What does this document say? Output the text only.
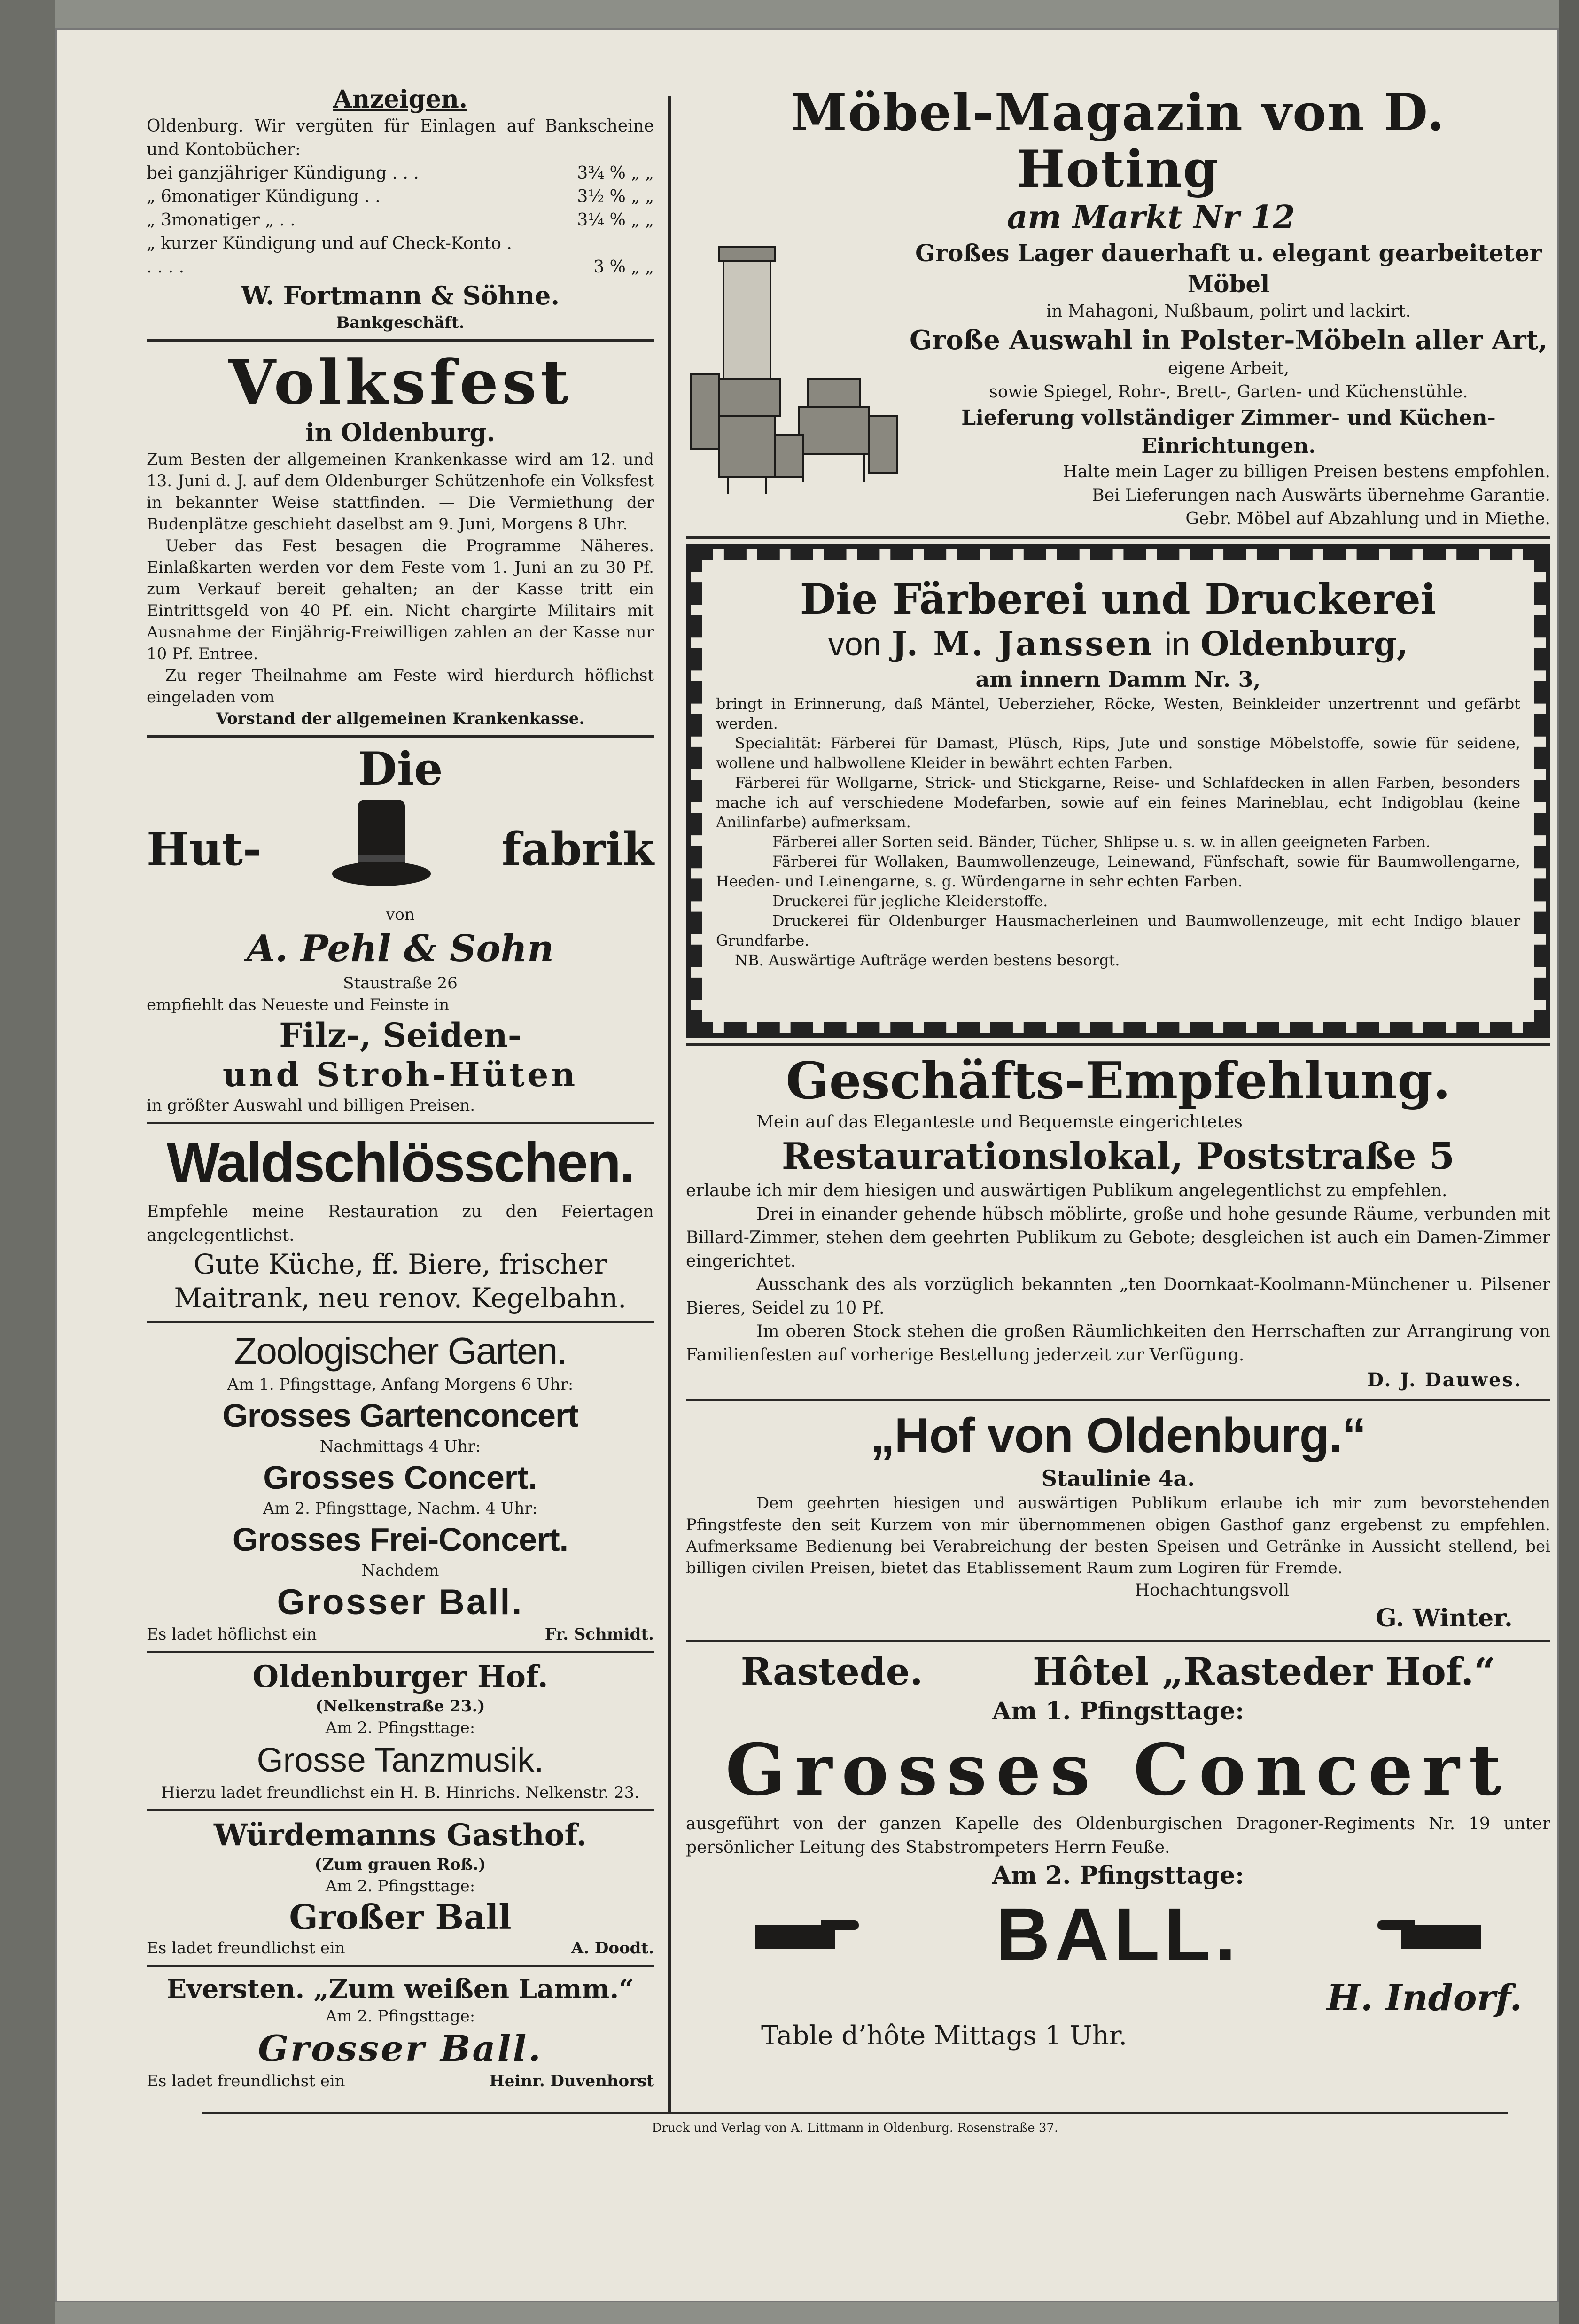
Anzeigen.

Oldenburg. Wir vergüten für Einlagen auf Bankscheine und Kontobücher:

bei ganzjähriger Kündigung . . .	3¾ % „ „
„ 6monatiger Kündigung . .	3½ % „ „
„ 3monatiger „ . .	3¼ % „ „
„ kurzer Kündigung und auf Check-Konto . . . . .	3 % „ „

W. Fortmann & Söhne.

Bankgeschäft.

Volksfest

in Oldenburg.

Zum Besten der allgemeinen Krankenkasse wird am 12. und 13. Juni d. J. auf dem Oldenburger Schützenhofe ein Volksfest in bekannter Weise stattfinden. — Die Vermiethung der Budenplätze geschieht daselbst am 9. Juni, Morgens 8 Uhr.

Ueber das Fest besagen die Programme Näheres. Einlaßkarten werden vor dem Feste vom 1. Juni an zu 30 Pf. zum Verkauf bereit gehalten; an der Kasse tritt ein Eintrittsgeld von 40 Pf. ein. Nicht chargirte Militairs mit Ausnahme der Einjährig-Freiwilligen zahlen an der Kasse nur 10 Pf. Entree.

Zu reger Theilnahme am Feste wird hierdurch höflichst eingeladen vom

Vorstand der allgemeinen Krankenkasse.

Die

Hut-	fabrik

von

A. Pehl & Sohn

Staustraße 26

empfiehlt das Neueste und Feinste in

Filz-, Seiden-

und Stroh-Hüten

in größter Auswahl und billigen Preisen.

Waldschlösschen.

Empfehle meine Restauration zu den Feiertagen angelegentlichst.

Gute Küche, ff. Biere, frischer

Maitrank, neu renov. Kegelbahn.

Zoologischer Garten.

Am 1. Pfingsttage, Anfang Morgens 6 Uhr:

Grosses Gartenconcert

Nachmittags 4 Uhr:

Grosses Concert.

Am 2. Pfingsttage, Nachm. 4 Uhr:

Grosses Frei-Concert.

Nachdem

Grosser Ball.

Es ladet höflichst ein	Fr. Schmidt.

Oldenburger Hof.

(Nelkenstraße 23.)

Am 2. Pfingsttage:

Grosse Tanzmusik.

Hierzu ladet freundlichst ein H. B. Hinrichs. Nelkenstr. 23.

Würdemanns Gasthof.

(Zum grauen Roß.)

Am 2. Pfingsttage:

Großer Ball

Es ladet freundlichst ein	A. Doodt.

Eversten. „Zum weißen Lamm.“

Am 2. Pfingsttage:

Grosser Ball.

Es ladet freundlichst ein	Heinr. Duvenhorst

Möbel-Magazin von D. Hoting

am Markt Nr 12

Großes Lager dauerhaft u. elegant gearbeiteter Möbel

in Mahagoni, Nußbaum, polirt und lackirt.

Große Auswahl in Polster-Möbeln aller Art,

eigene Arbeit,

sowie Spiegel, Rohr-, Brett-, Garten- und Küchenstühle.

Lieferung vollständiger Zimmer- und Küchen-Einrichtungen.

Halte mein Lager zu billigen Preisen bestens empfohlen.

Bei Lieferungen nach Auswärts übernehme Garantie.

Gebr. Möbel auf Abzahlung und in Miethe.

Die Färberei und Druckerei

von J. M. Janssen in Oldenburg,

am innern Damm Nr. 3,

bringt in Erinnerung, daß Mäntel, Ueberzieher, Röcke, Westen, Beinkleider unzertrennt und gefärbt werden.

Specialität: Färberei für Damast, Plüsch, Rips, Jute und sonstige Möbelstoffe, sowie für seidene, wollene und halbwollene Kleider in bewährt echten Farben.

Färberei für Wollgarne, Strick- und Stickgarne, Reise- und Schlafdecken in allen Farben, besonders mache ich auf verschiedene Modefarben, sowie auf ein feines Marineblau, echt Indigoblau (keine Anilinfarbe) aufmerksam.

Färberei aller Sorten seid. Bänder, Tücher, Shlipse u. s. w. in allen geeigneten Farben.

Färberei für Wollaken, Baumwollenzeuge, Leinewand, Fünfschaft, sowie für Baumwollengarne, Heeden- und Leinengarne, s. g. Würdengarne in sehr echten Farben.

Druckerei für jegliche Kleiderstoffe.

Druckerei für Oldenburger Hausmacherleinen und Baumwollenzeuge, mit echt Indigo blauer Grundfarbe.

NB. Auswärtige Aufträge werden bestens besorgt.

Geschäfts-Empfehlung.

Mein auf das Eleganteste und Bequemste eingerichtetes

Restaurationslokal, Poststraße 5

erlaube ich mir dem hiesigen und auswärtigen Publikum angelegentlichst zu empfehlen.

Drei in einander gehende hübsch möblirte, große und hohe gesunde Räume, verbunden mit Billard-Zimmer, stehen dem geehrten Publikum zu Gebote; desgleichen ist auch ein Damen-Zimmer eingerichtet.

Ausschank des als vorzüglich bekannten „ten Doornkaat-Koolmann-Münchener u. Pilsener Bieres, Seidel zu 10 Pf.

Im oberen Stock stehen die großen Räumlichkeiten den Herrschaften zur Arrangirung von Familienfesten auf vorherige Bestellung jederzeit zur Verfügung.

D. J. Dauwes.

„Hof von Oldenburg.“

Staulinie 4a.

Dem geehrten hiesigen und auswärtigen Publikum erlaube ich mir zum bevorstehenden Pfingstfeste den seit Kurzem von mir übernommenen obigen Gasthof ganz ergebenst zu empfehlen. Aufmerksame Bedienung bei Verabreichung der besten Speisen und Getränke in Aussicht stellend, bei billigen civilen Preisen, bietet das Etablissement Raum zum Logiren für Fremde.

Hochachtungsvoll

G. Winter.

Rastede.	Hôtel „Rasteder Hof.“

Am 1. Pfingsttage:

Grosses Concert

ausgeführt von der ganzen Kapelle des Oldenburgischen Dragoner-Regiments Nr. 19 unter persönlicher Leitung des Stabstrompeters Herrn Feuße.

Am 2. Pfingsttage:

BALL.

H. Indorf.

Table d’hôte Mittags 1 Uhr.

Druck und Verlag von A. Littmann in Oldenburg. Rosenstraße 37.
